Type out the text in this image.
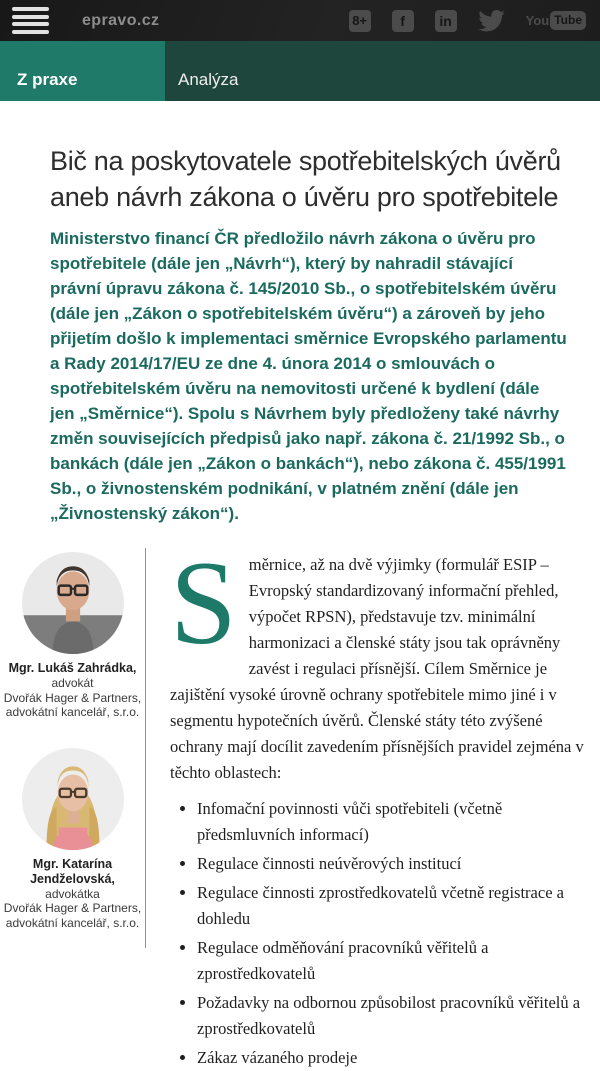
epravo.cz	8+	f	in	You Tube
Z praxe	Analýza
Bič na poskytovatele spotřebitelských úvěrů
aneb návrh zákona o úvěru pro spotřebitele

Ministerstvo financí ČR předložilo návrh zákona o úvěru pro spotřebitele (dále jen „Návrh“), který by nahradil stávající právní úpravu zákona č. 145/2010 Sb., o spotřebitelském úvěru (dále jen „Zákon o spotřebitelském úvěru“) a zároveň by jeho přijetím došlo k implementaci směrnice Evropského parlamentu a Rady 2014/17/EU ze dne 4. února 2014 o smlouvách o spotřebitelském úvěru na nemovitosti určené k bydlení (dále jen „Směrnice“). Spolu s Návrhem byly předloženy také návrhy změn souvisejících předpisů jako např. zákona č. 21/1992 Sb., o bankách (dále jen „Zákon o bankách“), nebo zákona č. 455/1991 Sb., o živnostenském podnikání, v platném znění (dále jen „Živnostenský zákon“).

Mgr. Lukáš Zahrádka,
advokát
Dvořák Hager & Partners,
advokátní kancelář, s.r.o.
Mgr. Katarína Jendželovská,
advokátka
Dvořák Hager & Partners,
advokátní kancelář, s.r.o.

Směrnice, až na dvě výjimky (formulář ESIP – Evropský standardizovaný informační přehled, výpočet RPSN), představuje tzv. minimální harmonizaci a členské státy jsou tak oprávněny zavést i regulaci přísnější. Cílem Směrnice je zajištění vysoké úrovně ochrany spotřebitele mimo jiné i v segmentu hypotečních úvěrů. Členské státy této zvýšené ochrany mají docílit zavedením přísnějších pravidel zejména v těchto oblastech:

• Infomační povinnosti vůči spotřebiteli (včetně předsmluvních informací)
• Regulace činnosti neúvěrových institucí
• Regulace činnosti zprostředkovatelů včetně registrace a dohledu
• Regulace odměňování pracovníků věřitelů a zprostředkovatelů
• Požadavky na odbornou způsobilost pracovníků věřitelů a zprostředkovatelů
• Zákaz vázaného prodeje
